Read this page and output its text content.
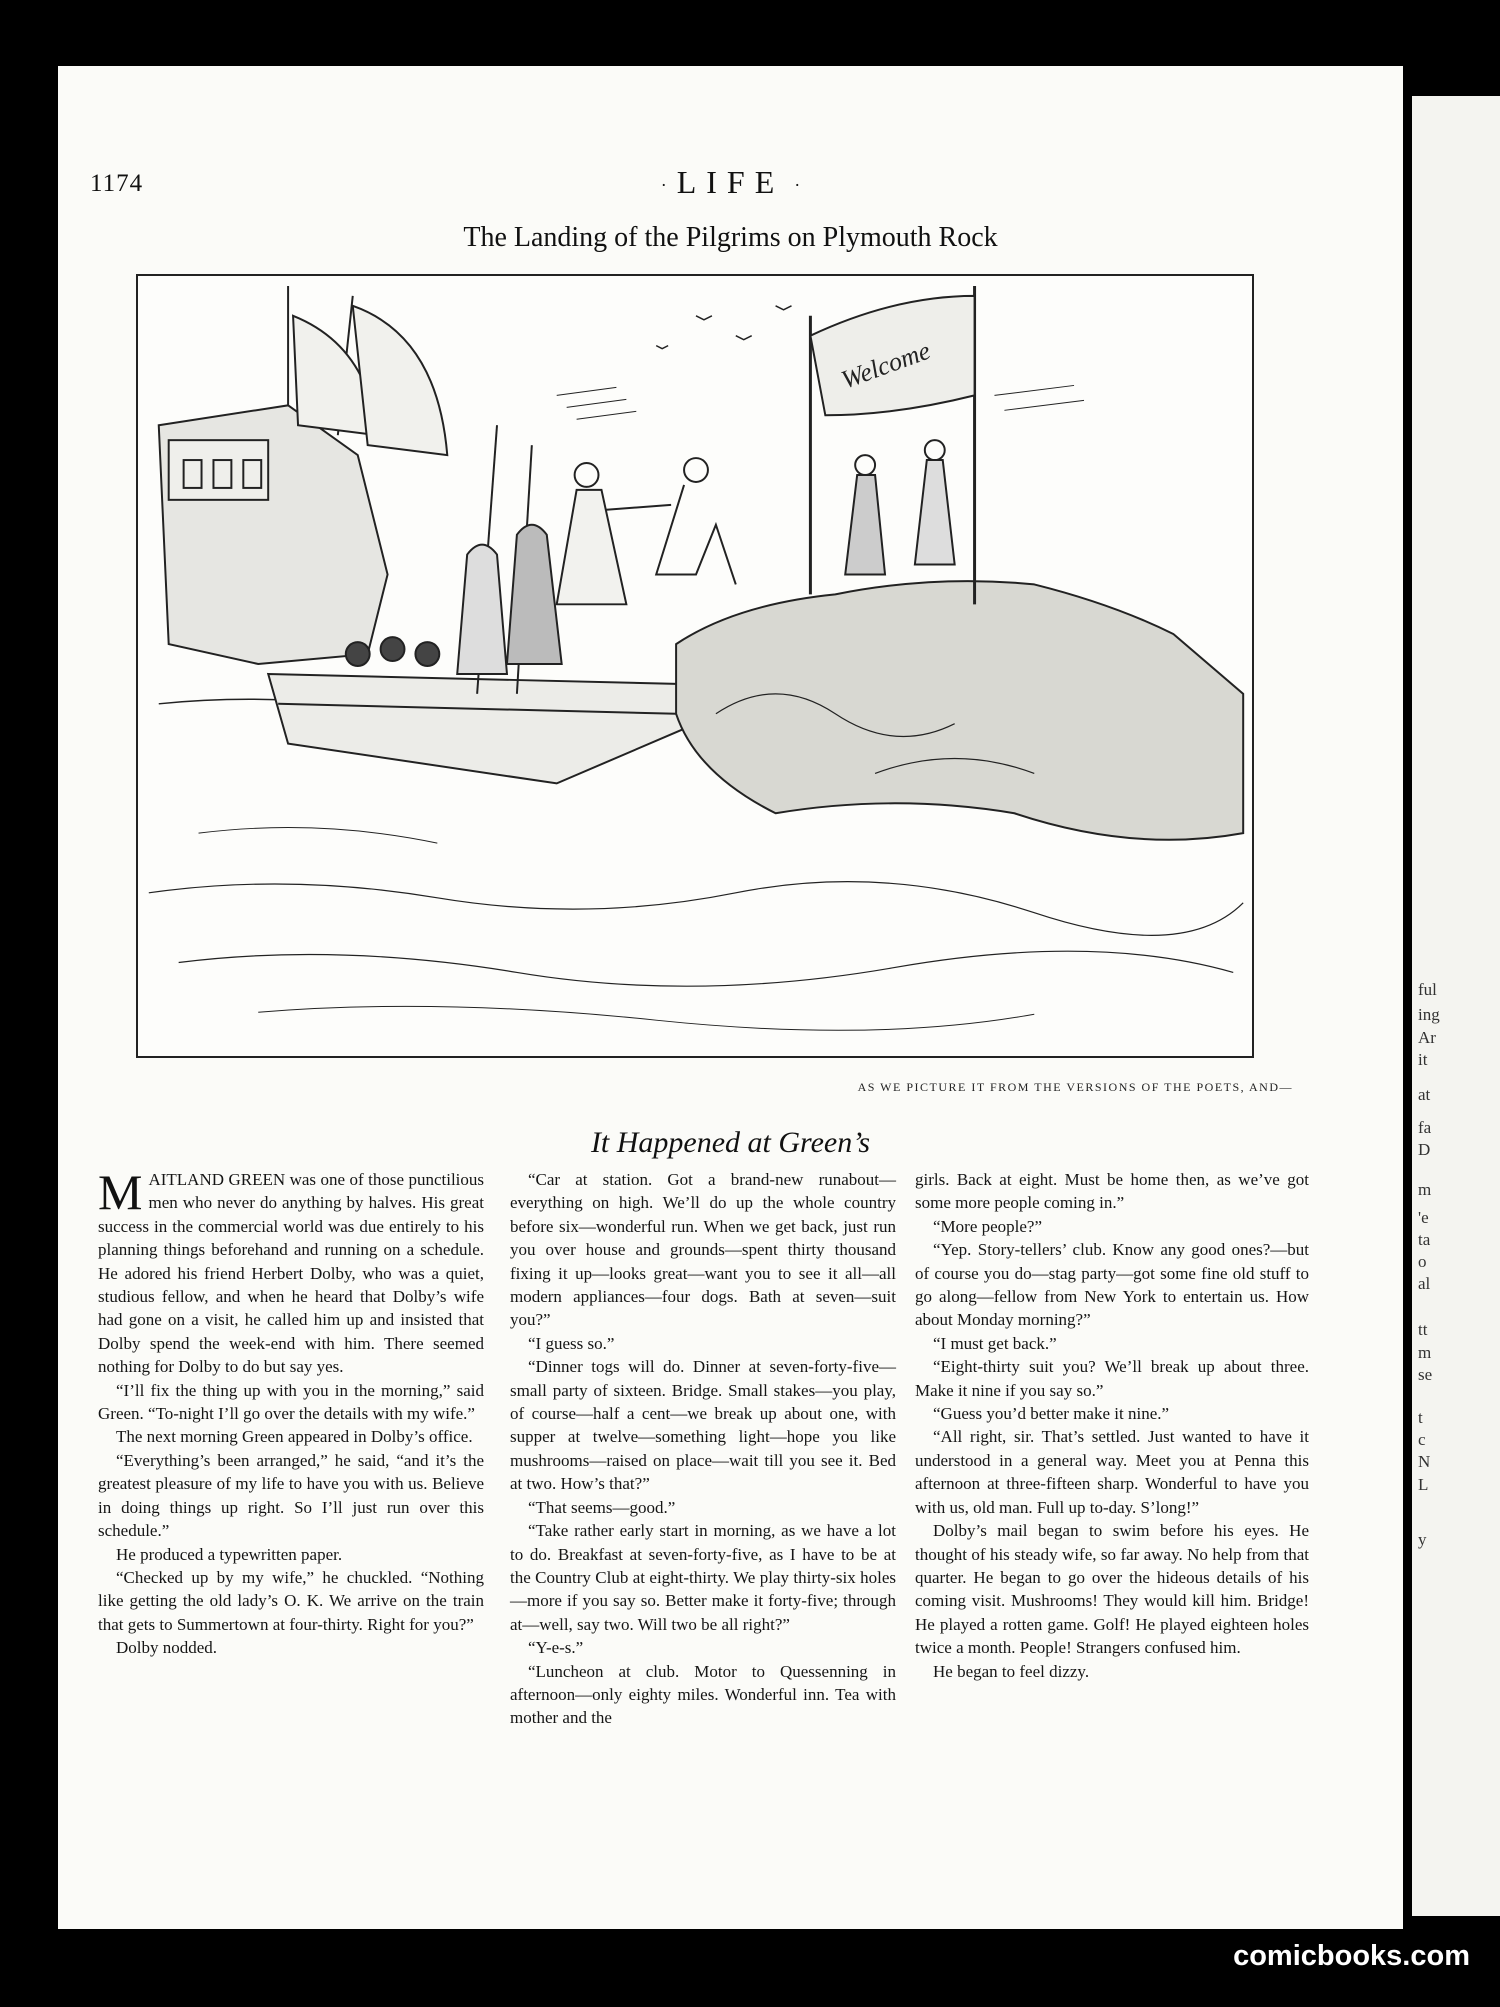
1174	· LIFE ·
The Landing of the Pilgrims on Plymouth Rock
Welcome
AS WE PICTURE IT FROM THE VERSIONS OF THE POETS, AND—
It Happened at Green’s

MAITLAND GREEN was one of those punctilious men who never do anything by halves. His great success in the commercial world was due entirely to his planning things beforehand and running on a schedule. He adored his friend Herbert Dolby, who was a quiet, studious fellow, and when he heard that Dolby’s wife had gone on a visit, he called him up and insisted that Dolby spend the week-end with him. There seemed nothing for Dolby to do but say yes.

“I’ll fix the thing up with you in the morning,” said Green. “To-night I’ll go over the details with my wife.”

The next morning Green appeared in Dolby’s office.

“Everything’s been arranged,” he said, “and it’s the greatest pleasure of my life to have you with us. Believe in doing things up right. So I’ll just run over this schedule.”

He produced a typewritten paper.

“Checked up by my wife,” he chuckled. “Nothing like getting the old lady’s O. K. We arrive on the train that gets to Summertown at four-thirty. Right for you?”

Dolby nodded.

“Car at station. Got a brand-new runabout—everything on high. We’ll do up the whole country before six—wonderful run. When we get back, just run you over house and grounds—spent thirty thousand fixing it up—looks great—want you to see it all—all modern appliances—four dogs. Bath at seven—suit you?”

“I guess so.”

“Dinner togs will do. Dinner at seven-forty-five—small party of sixteen. Bridge. Small stakes—you play, of course—half a cent—we break up about one, with supper at twelve—something light—hope you like mushrooms—raised on place—wait till you see it. Bed at two. How’s that?”

“That seems—good.”

“Take rather early start in morning, as we have a lot to do. Breakfast at seven-forty-five, as I have to be at the Country Club at eight-thirty. We play thirty-six holes—more if you say so. Better make it forty-five; through at—well, say two. Will two be all right?”

“Y-e-s.”

“Luncheon at club. Motor to Quessenning in afternoon—only eighty miles. Wonderful inn. Tea with mother and the

girls. Back at eight. Must be home then, as we’ve got some more people coming in.”

“More people?”

“Yep. Story-tellers’ club. Know any good ones?—but of course you do—stag party—got some fine old stuff to go along—fellow from New York to entertain us. How about Monday morning?”

“I must get back.”

“Eight-thirty suit you? We’ll break up about three. Make it nine if you say so.”

“Guess you’d better make it nine.”

“All right, sir. That’s settled. Just wanted to have it understood in a general way. Meet you at Penna this afternoon at three-fifteen sharp. Wonderful to have you with us, old man. Full up to-day. S’long!”

Dolby’s mail began to swim before his eyes. He thought of his steady wife, so far away. No help from that quarter. He began to go over the hideous details of his coming visit. Mushrooms! They would kill him. Bridge! He played a rotten game. Golf! He played eighteen holes twice a month. People! Strangers confused him.

He began to feel dizzy.

ful
ing
Ar
it
at
fa
D
m
'e
ta
o
al
tt
m
se
t
c
N
L
y
comicbooks.com
